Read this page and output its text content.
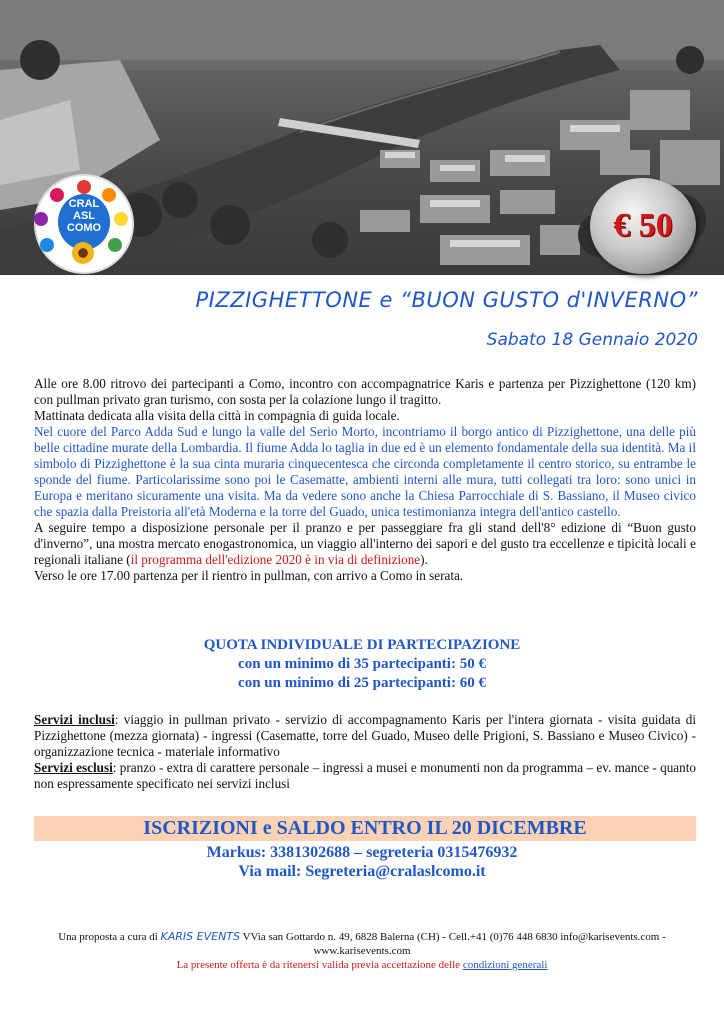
CRAL
ASL
COMO	€ 50
PIZZIGHETTONE e “BUON GUSTO d'INVERNO”
Sabato 18 Gennaio 2020

Alle ore 8.00 ritrovo dei partecipanti a Como, incontro con accompagnatrice Karis e partenza per Pizzighettone (120 km) con pullman privato gran turismo, con sosta per la colazione lungo il tragitto.

Mattinata dedicata alla visita della città in compagnia di guida locale.

Nel cuore del Parco Adda Sud e lungo la valle del Serio Morto, incontriamo il borgo antico di Pizzighettone, una delle più belle cittadine murate della Lombardia. Il fiume Adda lo taglia in due ed è un elemento fondamentale della sua identità. Ma il simbolo di Pizzighettone è la sua cinta muraria cinquecentesca che circonda completamente il centro storico, su entrambe le sponde del fiume. Particolarissime sono poi le Casematte, ambienti interni alle mura, tutti collegati tra loro: sono unici in Europa e meritano sicuramente una visita. Ma da vedere sono anche la Chiesa Parrocchiale di S. Bassiano, il Museo civico che spazia dalla Preistoria all'età Moderna e la torre del Guado, unica testimonianza integra dell'antico castello.

A seguire tempo a disposizione personale per il pranzo e per passeggiare fra gli stand dell'8° edizione di “Buon gusto d'inverno”, una mostra mercato enogastronomica, un viaggio all'interno dei sapori e del gusto tra eccellenze e tipicità locali e regionali italiane (il programma dell'edizione 2020 è in via di definizione).

Verso le ore 17.00 partenza per il rientro in pullman, con arrivo a Como in serata.

QUOTA INDIVIDUALE DI PARTECIPAZIONE
con un minimo di 35 partecipanti: 50 €
con un minimo di 25 partecipanti: 60 €

Servizi inclusi: viaggio in pullman privato - servizio di accompagnamento Karis per l'intera giornata - visita guidata di Pizzighettone (mezza giornata) - ingressi (Casematte, torre del Guado, Museo delle Prigioni, S. Bassiano e Museo Civico) - organizzazione tecnica - materiale informativo

Servizi esclusi: pranzo - extra di carattere personale – ingressi a musei e monumenti non da programma – ev. mance - quanto non espressamente specificato nei servizi inclusi

ISCRIZIONI e SALDO ENTRO IL 20 DICEMBRE
Markus: 3381302688 – segreteria 0315476932
Via mail: Segreteria@cralaslcomo.it
Una proposta a cura di KARIS EVENTS VVia san Gottardo n. 49, 6828 Balerna (CH) - Cell.+41 (0)76 448 6830 info@karisevents.com -
www.karisevents.com
La presente offerta è da ritenersi valida previa accettazione delle condizioni generali
